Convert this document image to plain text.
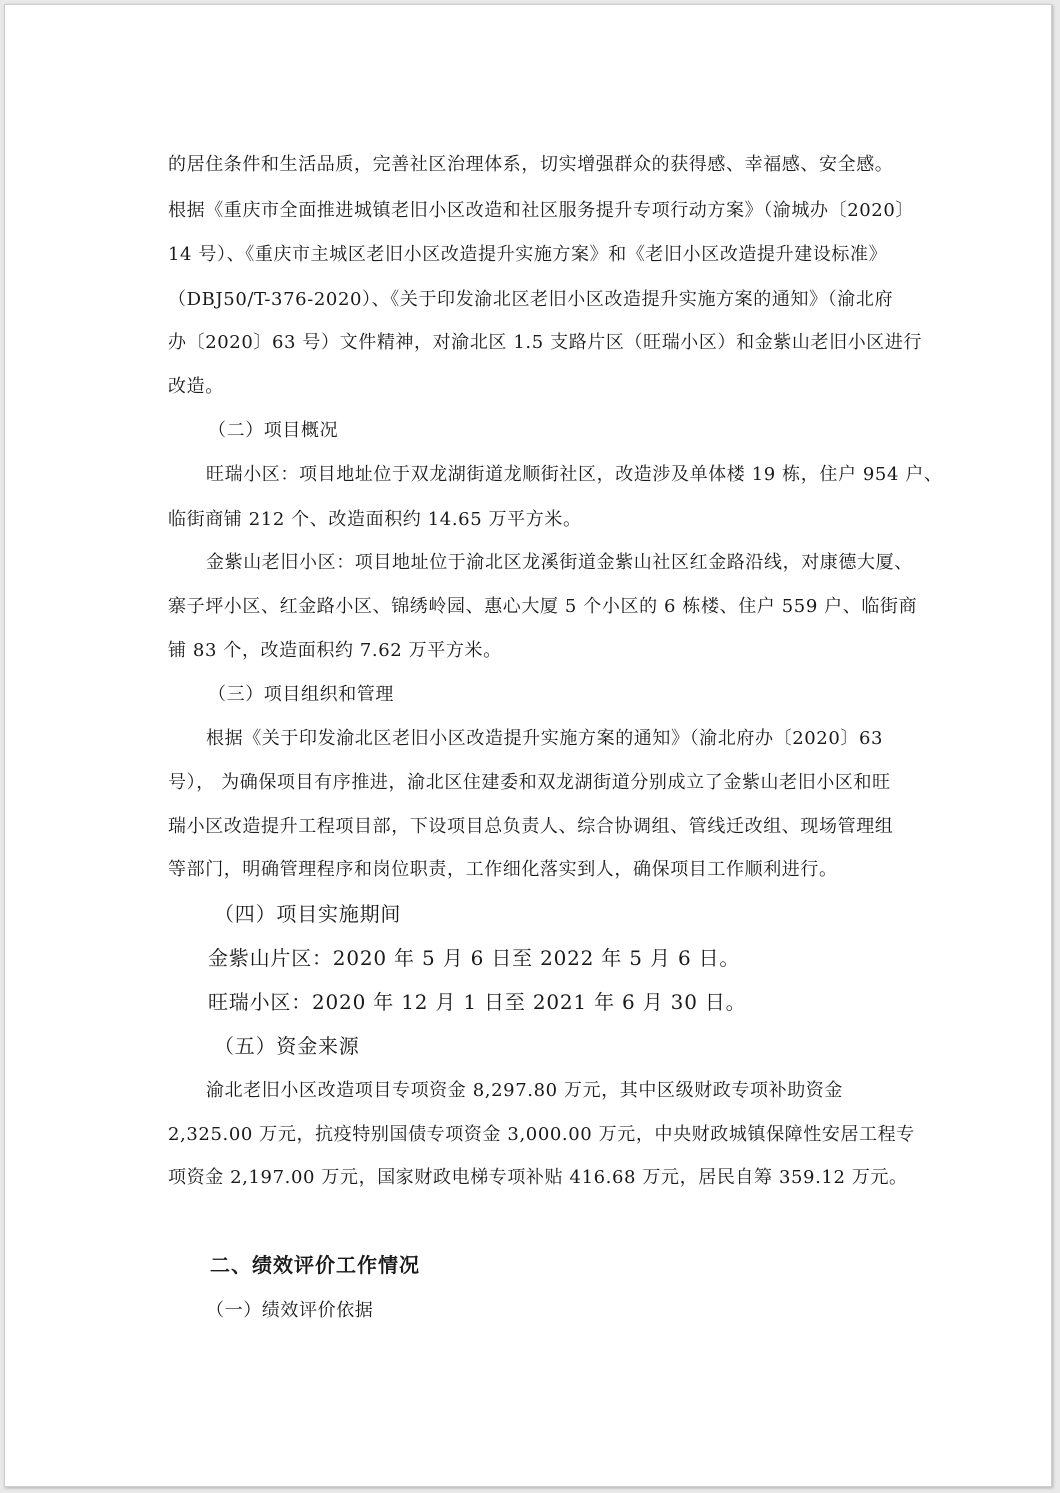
的居住条件和生活品质，完善社区治理体系，切实增强群众的获得感、幸福感、安全感。
根据《重庆市全面推进城镇老旧小区改造和社区服务提升专项行动方案》（渝城办〔2020〕
14 号）、《重庆市主城区老旧小区改造提升实施方案》和《老旧小区改造提升建设标准》
（DBJ50/T-376-2020）、《关于印发渝北区老旧小区改造提升实施方案的通知》（渝北府
办〔2020〕63 号）文件精神，对渝北区 1.5 支路片区（旺瑞小区）和金紫山老旧小区进行
改造。
（二）项目概况
旺瑞小区：项目地址位于双龙湖街道龙顺街社区，改造涉及单体楼 19 栋，住户 954 户、
临街商铺 212 个、改造面积约 14.65 万平方米。
金紫山老旧小区：项目地址位于渝北区龙溪街道金紫山社区红金路沿线，对康德大厦、
寨子坪小区、红金路小区、锦绣岭园、惠心大厦 5 个小区的 6 栋楼、住户 559 户、临街商
铺 83 个，改造面积约 7.62 万平方米。
（三）项目组织和管理
根据《关于印发渝北区老旧小区改造提升实施方案的通知》（渝北府办〔2020〕63
号）， 为确保项目有序推进，渝北区住建委和双龙湖街道分别成立了金紫山老旧小区和旺
瑞小区改造提升工程项目部，下设项目总负责人、综合协调组、管线迁改组、现场管理组
等部门，明确管理程序和岗位职责，工作细化落实到人，确保项目工作顺利进行。
（四）项目实施期间
金紫山片区：2020 年 5 月 6 日至 2022 年 5 月 6 日。
旺瑞小区：2020 年 12 月 1 日至 2021 年 6 月 30 日。
（五）资金来源
渝北老旧小区改造项目专项资金 8,297.80 万元，其中区级财政专项补助资金
2,325.00 万元，抗疫特别国债专项资金 3,000.00 万元，中央财政城镇保障性安居工程专
项资金 2,197.00 万元，国家财政电梯专项补贴 416.68 万元，居民自筹 359.12 万元。
二、绩效评价工作情况
（一）绩效评价依据
